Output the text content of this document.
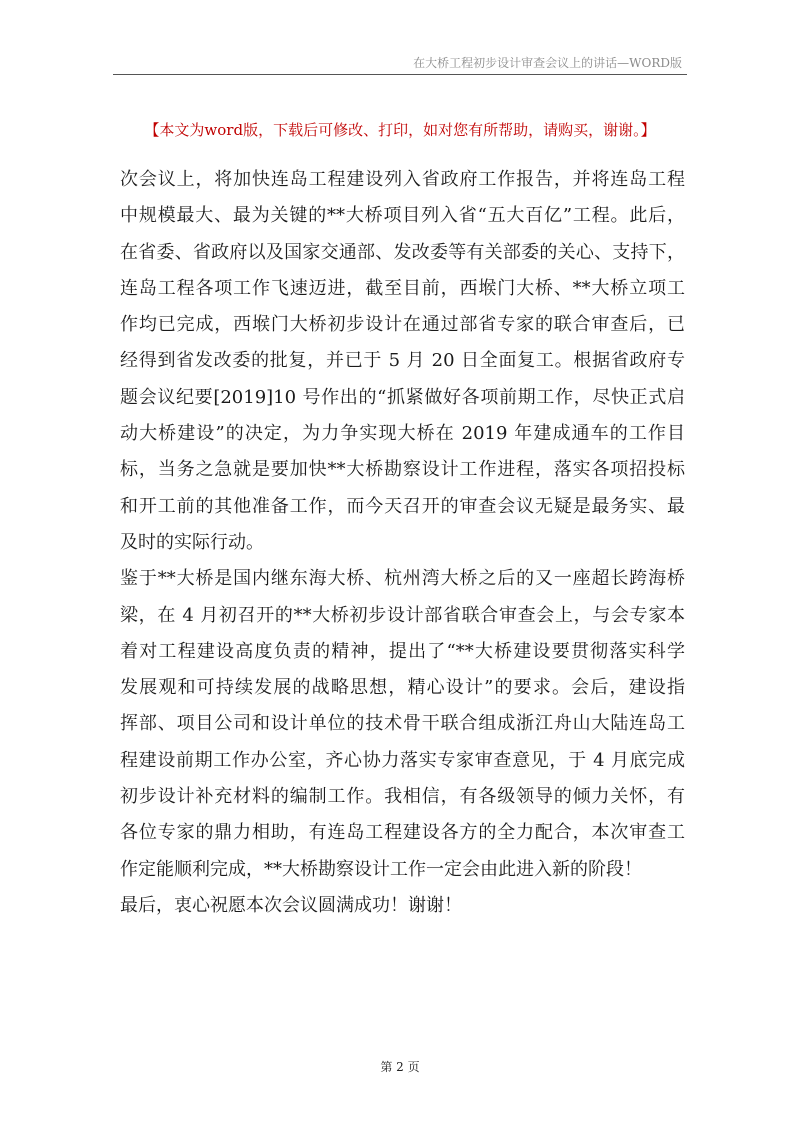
在大桥工程初步设计审查会议上的讲话—WORD版
【本文为word版，下载后可修改、打印，如对您有所帮助，请购买，谢谢。】
次会议上，将加快连岛工程建设列入省政府工作报告，并将连岛工程
中规模最大、最为关键的**大桥项目列入省“五大百亿”工程。此后，
在省委、省政府以及国家交通部、发改委等有关部委的关心、支持下，
连岛工程各项工作飞速迈进，截至目前，西堠门大桥、**大桥立项工
作均已完成，西堠门大桥初步设计在通过部省专家的联合审查后，已
经得到省发改委的批复，并已于 5 月 20 日全面复工。根据省政府专
题会议纪要[2019]10 号作出的“抓紧做好各项前期工作，尽快正式启
动大桥建设”的决定，为力争实现大桥在 2019 年建成通车的工作目
标，当务之急就是要加快**大桥勘察设计工作进程，落实各项招投标
和开工前的其他准备工作，而今天召开的审查会议无疑是最务实、最
及时的实际行动。
鉴于**大桥是国内继东海大桥、杭州湾大桥之后的又一座超长跨海桥
梁，在 4 月初召开的**大桥初步设计部省联合审查会上，与会专家本
着对工程建设高度负责的精神，提出了“**大桥建设要贯彻落实科学
发展观和可持续发展的战略思想，精心设计”的要求。会后，建设指
挥部、项目公司和设计单位的技术骨干联合组成浙江舟山大陆连岛工
程建设前期工作办公室，齐心协力落实专家审查意见，于 4 月底完成
初步设计补充材料的编制工作。我相信，有各级领导的倾力关怀，有
各位专家的鼎力相助，有连岛工程建设各方的全力配合，本次审查工
作定能顺利完成，**大桥勘察设计工作一定会由此进入新的阶段！
最后，衷心祝愿本次会议圆满成功！谢谢！
第 2 页
